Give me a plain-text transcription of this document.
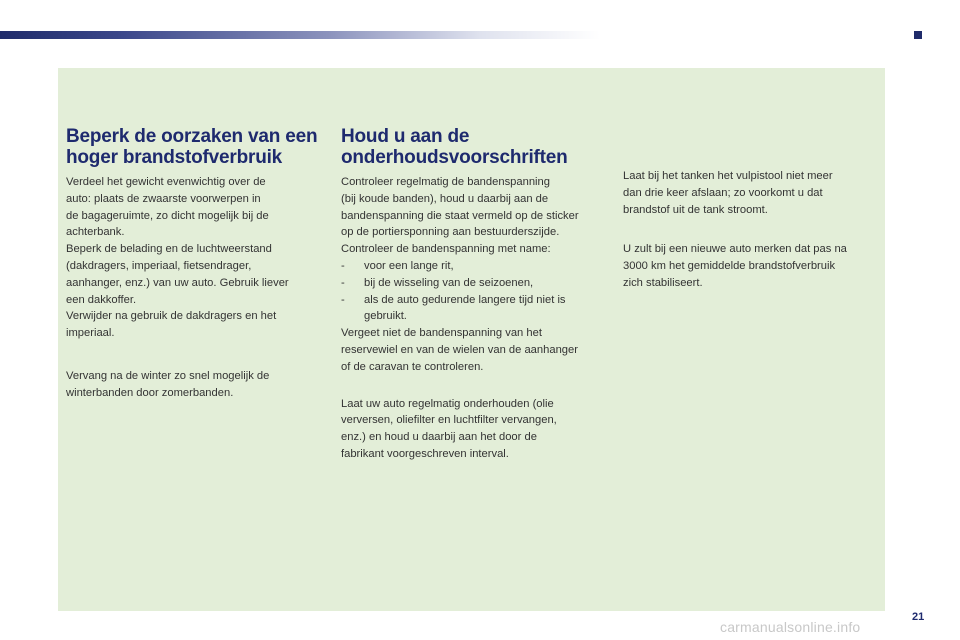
Beperk de oorzaken van een hoger brandstofverbruik

Verdeel het gewicht evenwichtig over de
auto: plaats de zwaarste voorwerpen in
de bagageruimte, zo dicht mogelijk bij de
achterbank.

Beperk de belading en de luchtweerstand
(dakdragers, imperiaal, fietsendrager,
aanhanger, enz.) van uw auto. Gebruik liever
een dakkoffer.

Verwijder na gebruik de dakdragers en het
imperiaal.

Vervang na de winter zo snel mogelijk de
winterbanden door zomerbanden.

Houd u aan de onderhoudsvoorschriften

Controleer regelmatig de bandenspanning
(bij koude banden), houd u daarbij aan de
bandenspanning die staat vermeld op de sticker
op de portiersponning aan bestuurderszijde.

Controleer de bandenspanning met name:

- voor een lange rit,
- bij de wisseling van de seizoenen,
- als de auto gedurende langere tijd niet is gebruikt.

Vergeet niet de bandenspanning van het
reservewiel en van de wielen van de aanhanger
of de caravan te controleren.

Laat uw auto regelmatig onderhouden (olie
verversen, oliefilter en luchtfilter vervangen,
enz.) en houd u daarbij aan het door de
fabrikant voorgeschreven interval.

Laat bij het tanken het vulpistool niet meer
dan drie keer afslaan; zo voorkomt u dat
brandstof uit de tank stroomt.

U zult bij een nieuwe auto merken dat pas na
3000 km het gemiddelde brandstofverbruik
zich stabiliseert.

21
carmanualsonline.info
